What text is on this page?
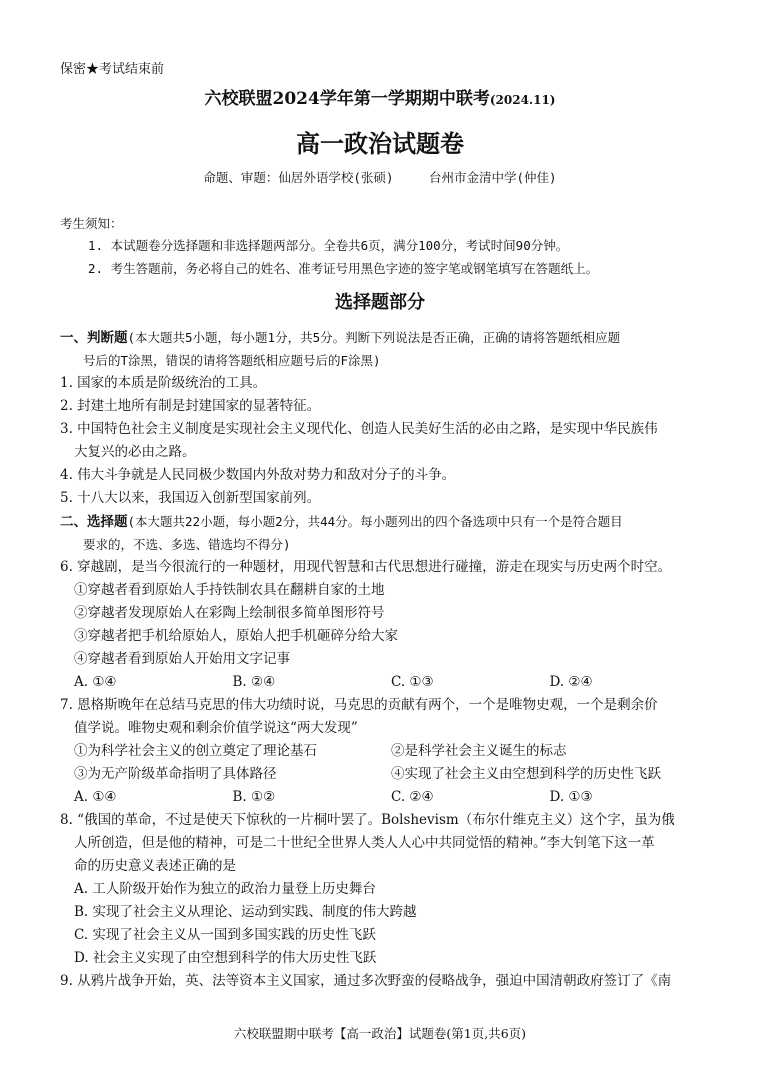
保密★考试结束前
六校联盟2024学年第一学期期中联考(2024.11)
高一政治试题卷
命题、审题：仙居外语学校(张硕)	台州市金清中学(仲佳)
考生须知：
1. 本试题卷分选择题和非选择题两部分。全卷共6页，满分100分，考试时间90分钟。
2. 考生答题前，务必将自己的姓名、准考证号用黑色字迹的签字笔或钢笔填写在答题纸上。
选择题部分
一、判断题(本大题共5小题，每小题1分，共5分。判断下列说法是否正确，正确的请将答题纸相应题
号后的T涂黑，错误的请将答题纸相应题号后的F涂黑)
1. 国家的本质是阶级统治的工具。
2. 封建土地所有制是封建国家的显著特征。
3. 中国特色社会主义制度是实现社会主义现代化、创造人民美好生活的必由之路，是实现中华民族伟
大复兴的必由之路。
4. 伟大斗争就是人民同极少数国内外敌对势力和敌对分子的斗争。
5. 十八大以来，我国迈入创新型国家前列。
二、选择题(本大题共22小题，每小题2分，共44分。每小题列出的四个备选项中只有一个是符合题目
要求的，不选、多选、错选均不得分)
6. 穿越剧，是当今很流行的一种题材，用现代智慧和古代思想进行碰撞，游走在现实与历史两个时空。
①穿越者看到原始人手持铁制农具在翻耕自家的土地
②穿越者发现原始人在彩陶上绘制很多简单图形符号
③穿越者把手机给原始人，原始人把手机砸碎分给大家
④穿越者看到原始人开始用文字记事
A. ①④	B. ②④	C. ①③	D. ②④
7. 恩格斯晚年在总结马克思的伟大功绩时说，马克思的贡献有两个，一个是唯物史观，一个是剩余价
值学说。唯物史观和剩余价值学说这“两大发现”
①为科学社会主义的创立奠定了理论基石	②是科学社会主义诞生的标志
③为无产阶级革命指明了具体路径	④实现了社会主义由空想到科学的历史性飞跃
A. ①④	B. ①②	C. ②④	D. ①③
8. “俄国的革命，不过是使天下惊秋的一片桐叶罢了。Bolshevism（布尔什维克主义）这个字，虽为俄
人所创造，但是他的精神，可是二十世纪全世界人类人人心中共同觉悟的精神。”李大钊笔下这一革
命的历史意义表述正确的是
A. 工人阶级开始作为独立的政治力量登上历史舞台
B. 实现了社会主义从理论、运动到实践、制度的伟大跨越
C. 实现了社会主义从一国到多国实践的历史性飞跃
D. 社会主义实现了由空想到科学的伟大历史性飞跃
9. 从鸦片战争开始，英、法等资本主义国家，通过多次野蛮的侵略战争，强迫中国清朝政府签订了《南
六校联盟期中联考【高一政治】试题卷(第1页,共6页)
